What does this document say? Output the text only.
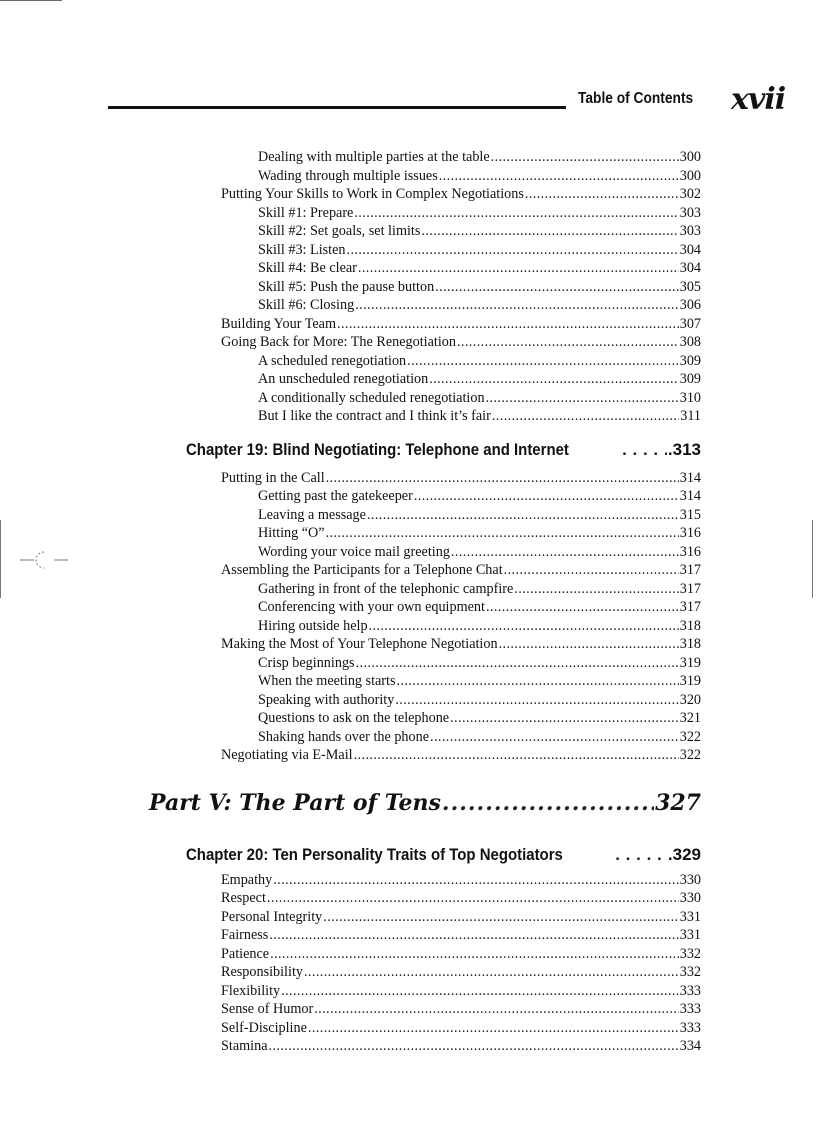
Table of Contents xvii
Dealing with multiple parties at the table .....	300
Wading through multiple issues .....	300
Putting Your Skills to Work in Complex Negotiations .....	302
Skill #1: Prepare .....	303
Skill #2: Set goals, set limits .....	303
Skill #3: Listen .....	304
Skill #4: Be clear .....	304
Skill #5: Push the pause button .....	305
Skill #6: Closing .....	306
Building Your Team .....	307
Going Back for More: The Renegotiation .....	308
A scheduled renegotiation .....	309
An unscheduled renegotiation .....	309
A conditionally scheduled renegotiation .....	310
But I like the contract and I think it’s fair .....	311
Chapter 19: Blind Negotiating: Telephone and Internet . . .	.313
Putting in the Call .....	314
Getting past the gatekeeper .....	314
Leaving a message .....	315
Hitting “O” .....	316
Wording your voice mail greeting .....	316
Assembling the Participants for a Telephone Chat .....	317
Gathering in front of the telephonic campfire .....	317
Conferencing with your own equipment .....	317
Hiring outside help .....	318
Making the Most of Your Telephone Negotiation .....	318
Crisp beginnings .....	319
When the meeting starts .....	319
Speaking with authority .....	320
Questions to ask on the telephone .....	321
Shaking hands over the phone .....	322
Negotiating via E-Mail .....	322
Part V: The Part of Tens .....	327
Chapter 20: Ten Personality Traits of Top Negotiators . . .	.329
Empathy .....	330
Respect .....	330
Personal Integrity .....	331
Fairness .....	331
Patience .....	332
Responsibility .....	332
Flexibility .....	333
Sense of Humor .....	333
Self-Discipline .....	333
Stamina .....	334
